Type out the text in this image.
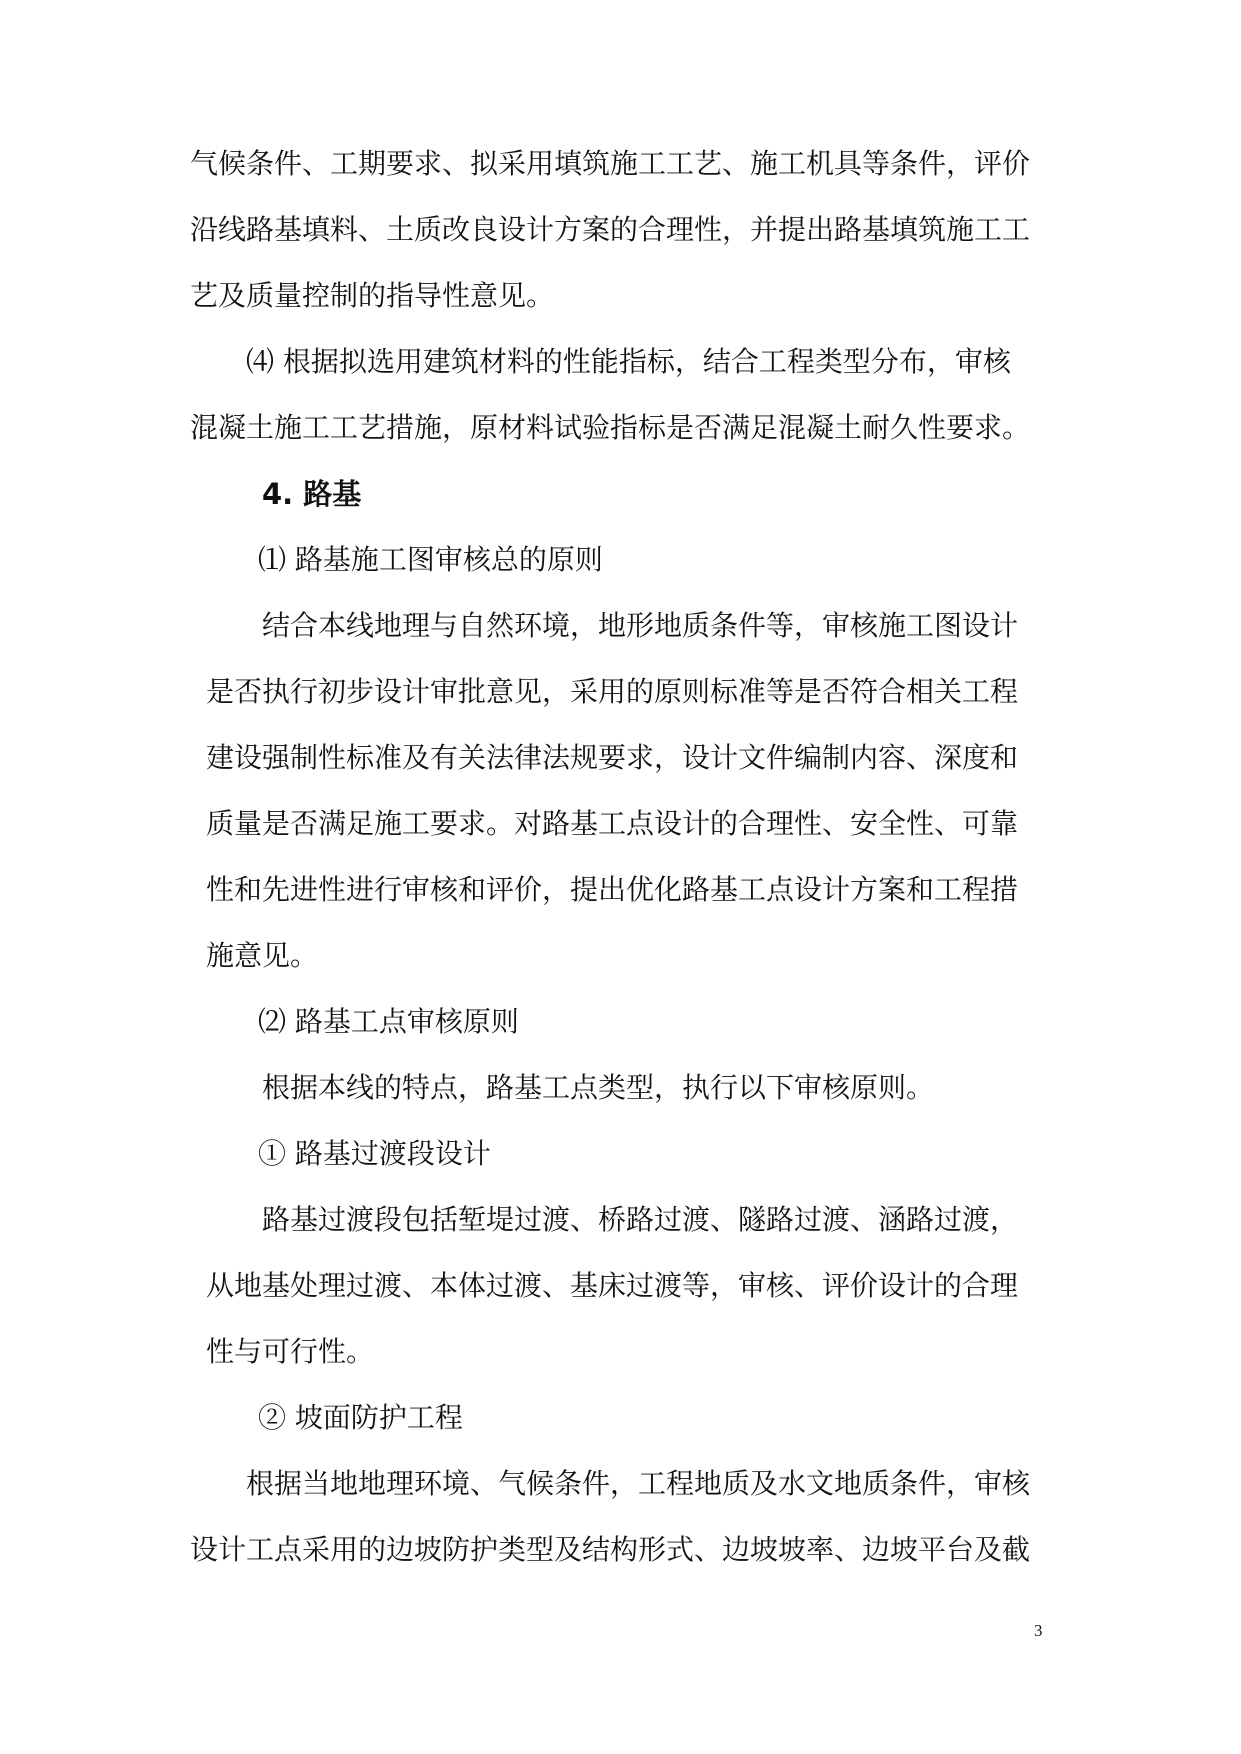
气候条件、工期要求、拟采用填筑施工工艺、施工机具等条件，评价
沿线路基填料、土质改良设计方案的合理性，并提出路基填筑施工工
艺及质量控制的指导性意见。
⑷ 根据拟选用建筑材料的性能指标，结合工程类型分布，审核
混凝土施工工艺措施，原材料试验指标是否满足混凝土耐久性要求。
4. 路基
⑴ 路基施工图审核总的原则
结合本线地理与自然环境，地形地质条件等，审核施工图设计
是否执行初步设计审批意见，采用的原则标准等是否符合相关工程
建设强制性标准及有关法律法规要求，设计文件编制内容、深度和
质量是否满足施工要求。对路基工点设计的合理性、安全性、可靠
性和先进性进行审核和评价，提出优化路基工点设计方案和工程措
施意见。
⑵ 路基工点审核原则
根据本线的特点，路基工点类型，执行以下审核原则。
① 路基过渡段设计
路基过渡段包括堑堤过渡、桥路过渡、隧路过渡、涵路过渡，
从地基处理过渡、本体过渡、基床过渡等，审核、评价设计的合理
性与可行性。
② 坡面防护工程
根据当地地理环境、气候条件，工程地质及水文地质条件，审核
设计工点采用的边坡防护类型及结构形式、边坡坡率、边坡平台及截
3
